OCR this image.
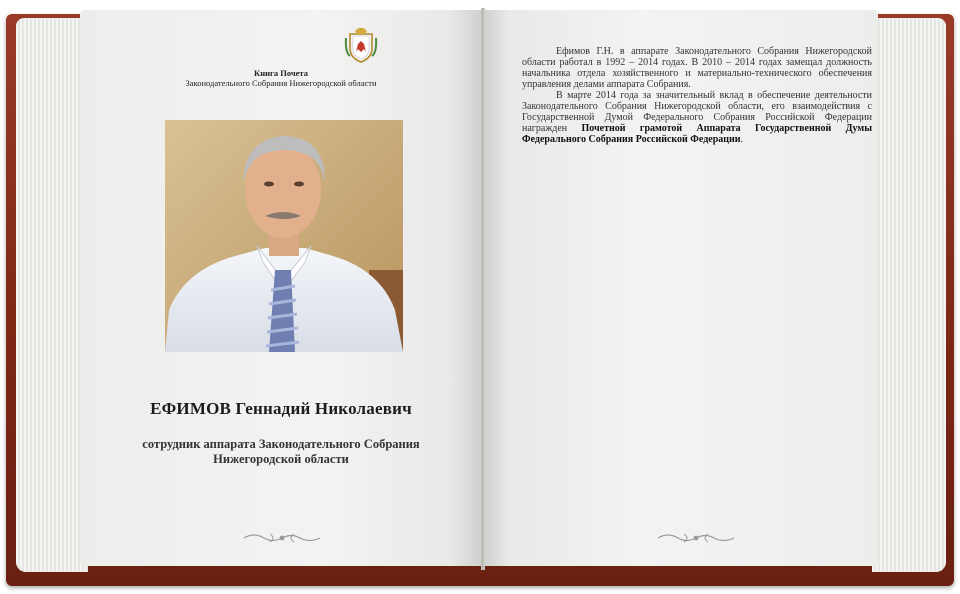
Книга Почета
Законодательного Собрания Нижегородской области
ЕФИМОВ Геннадий Николаевич
сотрудник аппарата Законодательного Собрания
Нижегородской области

Ефимов Г.Н. в аппарате Законодательного Собрания Нижегородской области работал в 1992 – 2014 годах. В 2010 – 2014 годах замещал должность начальника отдела хозяйственного и материально-технического обеспечения управления делами аппарата Собрания.

В марте 2014 года за значительный вклад в обеспечение деятельности Законодательного Собрания Нижегородской области, его взаимодействия с Государственной Думой Федерального Собрания Российской Федерации награжден Почетной грамотой Аппарата Государственной Думы Федерального Собрания Российской Федерации.
